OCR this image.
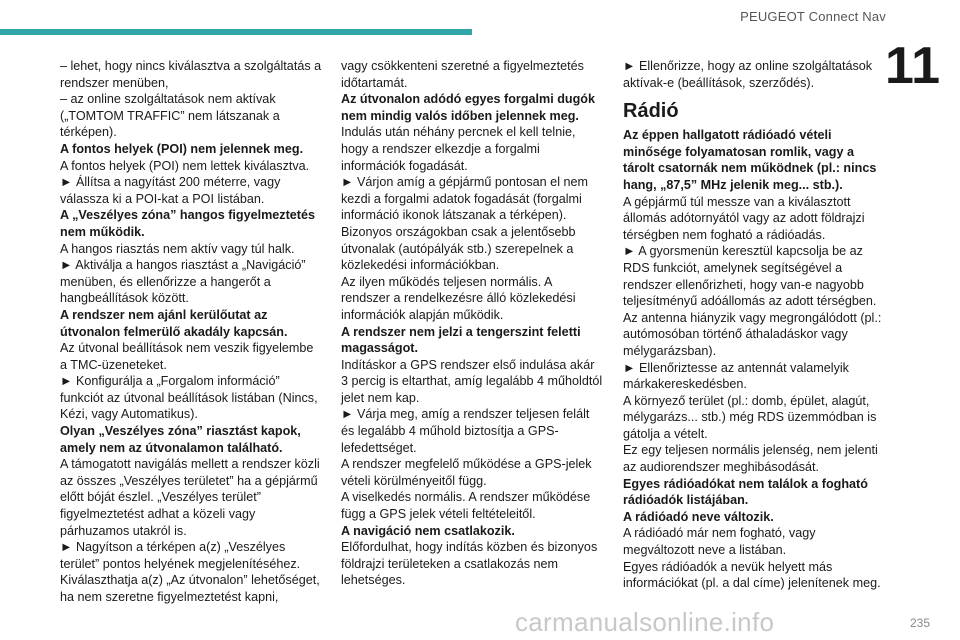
PEUGEOT Connect Nav
11

– lehet, hogy nincs kiválasztva a szolgáltatás a rendszer menüben,

– az online szolgáltatások nem aktívak („TOMTOM TRAFFIC” nem látszanak a térképen).

A fontos helyek (POI) nem jelennek meg.

A fontos helyek (POI) nem lettek kiválasztva.

► Állítsa a nagyítást 200 méterre, vagy válassza ki a POI-kat a POI listában.

A „Veszélyes zóna” hangos figyelmeztetés nem működik.

A hangos riasztás nem aktív vagy túl halk.

► Aktiválja a hangos riasztást a „Navigáció” menüben, és ellenőrizze a hangerőt a hangbeállítások között.

A rendszer nem ajánl kerülőutat az útvonalon felmerülő akadály kapcsán.

Az útvonal beállítások nem veszik figyelembe a TMC-üzeneteket.

► Konfigurálja a „Forgalom információ” funkciót az útvonal beállítások listában (Nincs, Kézi, vagy Automatikus).

Olyan „Veszélyes zóna” riasztást kapok, amely nem az útvonalamon található.

A támogatott navigálás mellett a rendszer közli az összes „Veszélyes területet” ha a gépjármű előtt bóját észlel. „Veszélyes terület” figyelmeztetést adhat a közeli vagy párhuzamos utakról is.

► Nagyítson a térképen a(z) „Veszélyes terület” pontos helyének megjelenítéséhez. Kiválaszthatja a(z) „Az útvonalon” lehetőséget, ha nem szeretne figyelmeztetést kapni,

vagy csökkenteni szeretné a figyelmeztetés időtartamát.

Az útvonalon adódó egyes forgalmi dugók nem mindig valós időben jelennek meg.

Indulás után néhány percnek el kell telnie, hogy a rendszer elkezdje a forgalmi információk fogadását.

► Várjon amíg a gépjármű pontosan el nem kezdi a forgalmi adatok fogadását (forgalmi információ ikonok látszanak a térképen).

Bizonyos országokban csak a jelentősebb útvonalak (autópályák stb.) szerepelnek a közlekedési információkban.

Az ilyen működés teljesen normális. A rendszer a rendelkezésre álló közlekedési információk alapján működik.

A rendszer nem jelzi a tengerszint feletti magasságot.

Indításkor a GPS rendszer első indulása akár 3 percig is eltarthat, amíg legalább 4 műholdtól jelet nem kap.

► Várja meg, amíg a rendszer teljesen felált és legalább 4 műhold biztosítja a GPS-lefedettséget.

A rendszer megfelelő működése a GPS-jelek vételi körülményeitől függ.

A viselkedés normális. A rendszer működése függ a GPS jelek vételi feltételeitől.

A navigáció nem csatlakozik.

Előfordulhat, hogy indítás közben és bizonyos földrajzi területeken a csatlakozás nem lehetséges.

► Ellenőrizze, hogy az online szolgáltatások aktívak-e (beállítások, szerződés).

Rádió

Az éppen hallgatott rádióadó vételi minősége folyamatosan romlik, vagy a tárolt csatornák nem működnek (pl.: nincs hang, „87,5” MHz jelenik meg... stb.).

A gépjármű túl messze van a kiválasztott állomás adótornyától vagy az adott földrajzi térségben nem fogható a rádióadás.

► A gyorsmenün keresztül kapcsolja be az RDS funkciót, amelynek segítségével a rendszer ellenőrizheti, hogy van-e nagyobb teljesítményű adóállomás az adott térségben.

Az antenna hiányzik vagy megrongálódott (pl.: autómosóban történő áthaladáskor vagy mélygarázsban).

► Ellenőriztesse az antennát valamelyik márkakereskedésben.

A környező terület (pl.: domb, épület, alagút, mélygarázs... stb.) még RDS üzemmódban is gátolja a vételt.

Ez egy teljesen normális jelenség, nem jelenti az audiorendszer meghibásodását.

Egyes rádióadókat nem találok a fogható rádióadók listájában.

A rádióadó neve változik.

A rádióadó már nem fogható, vagy megváltozott neve a listában.

Egyes rádióadók a nevük helyett más információkat (pl. a dal címe) jelenítenek meg.

235
carmanualsonline.info
